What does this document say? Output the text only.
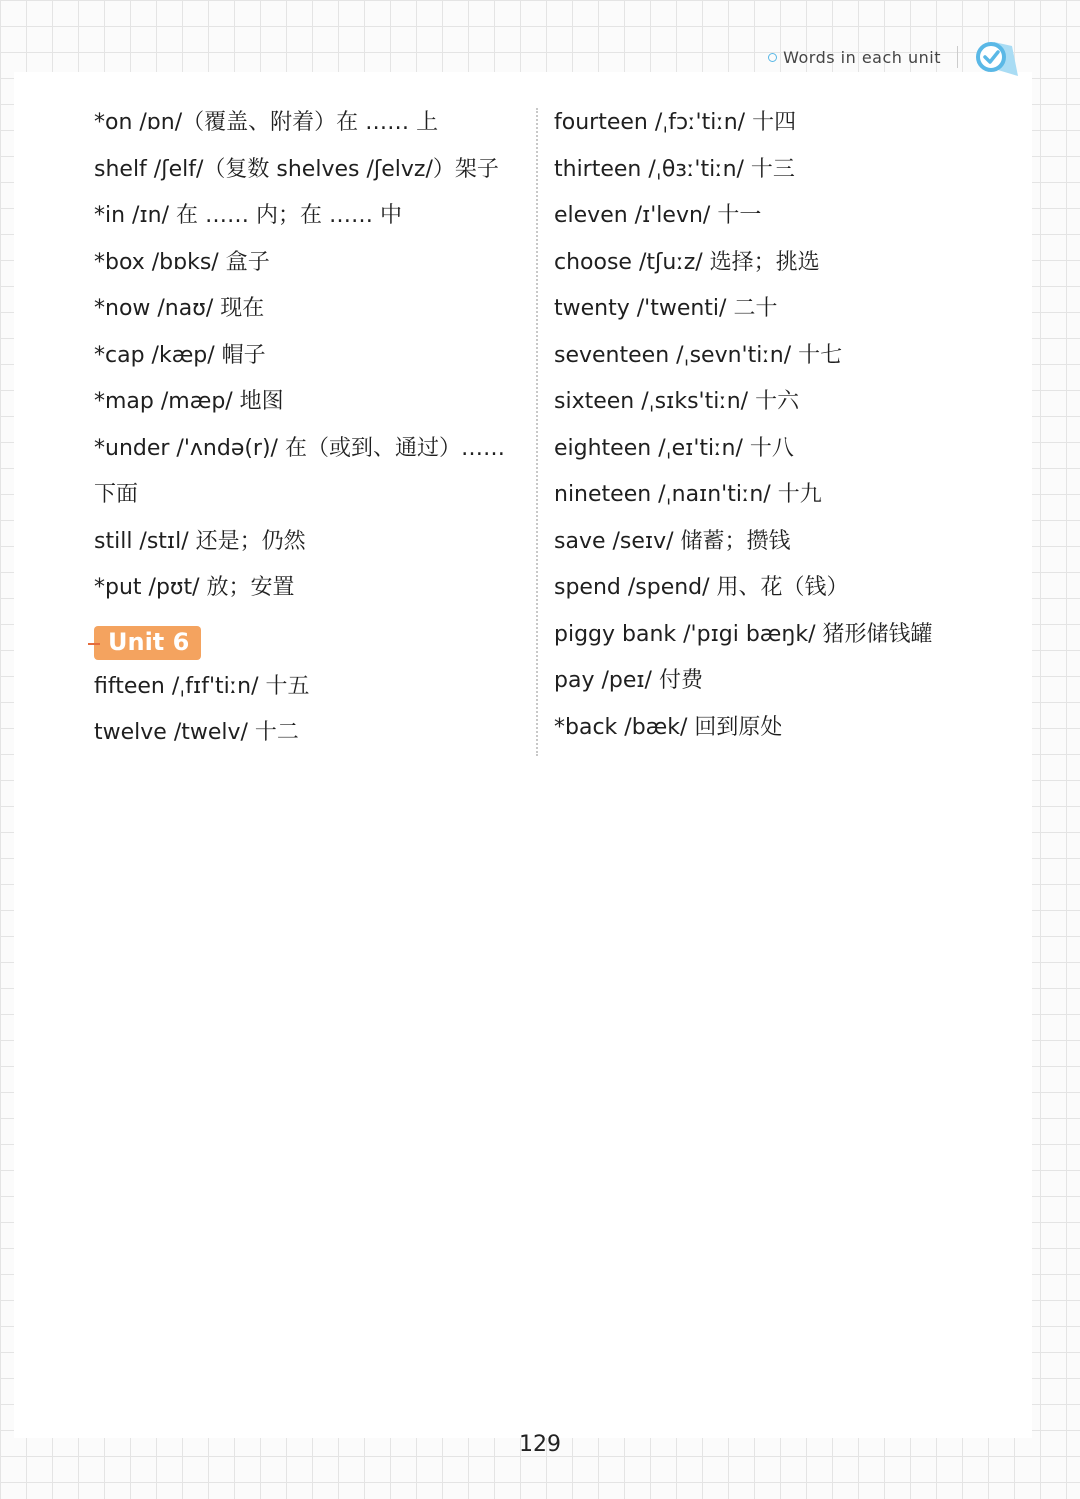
Words in each unit
*on /ɒn/（覆盖、附着）在 …… 上
shelf /ʃelf/（复数 shelves /ʃelvz/）架子
*in /ɪn/ 在 …… 内；在 …… 中
*box /bɒks/ 盒子
*now /naʊ/ 现在
*cap /kæp/ 帽子
*map /mæp/ 地图
*under /'ʌndə(r)/ 在（或到、通过）……
下面
still /stɪl/ 还是；仍然
*put /pʊt/ 放；安置
Unit 6
fifteen /ˌfɪf'tiːn/ 十五
twelve /twelv/ 十二
fourteen /ˌfɔː'tiːn/ 十四
thirteen /ˌθɜː'tiːn/ 十三
eleven /ɪ'levn/ 十一
choose /tʃuːz/ 选择；挑选
twenty /'twenti/ 二十
seventeen /ˌsevn'tiːn/ 十七
sixteen /ˌsɪks'tiːn/ 十六
eighteen /ˌeɪ'tiːn/ 十八
nineteen /ˌnaɪn'tiːn/ 十九
save /seɪv/ 储蓄；攒钱
spend /spend/ 用、花（钱）
piggy bank /'pɪgi bæŋk/ 猪形储钱罐
pay /peɪ/ 付费
*back /bæk/ 回到原处
129
